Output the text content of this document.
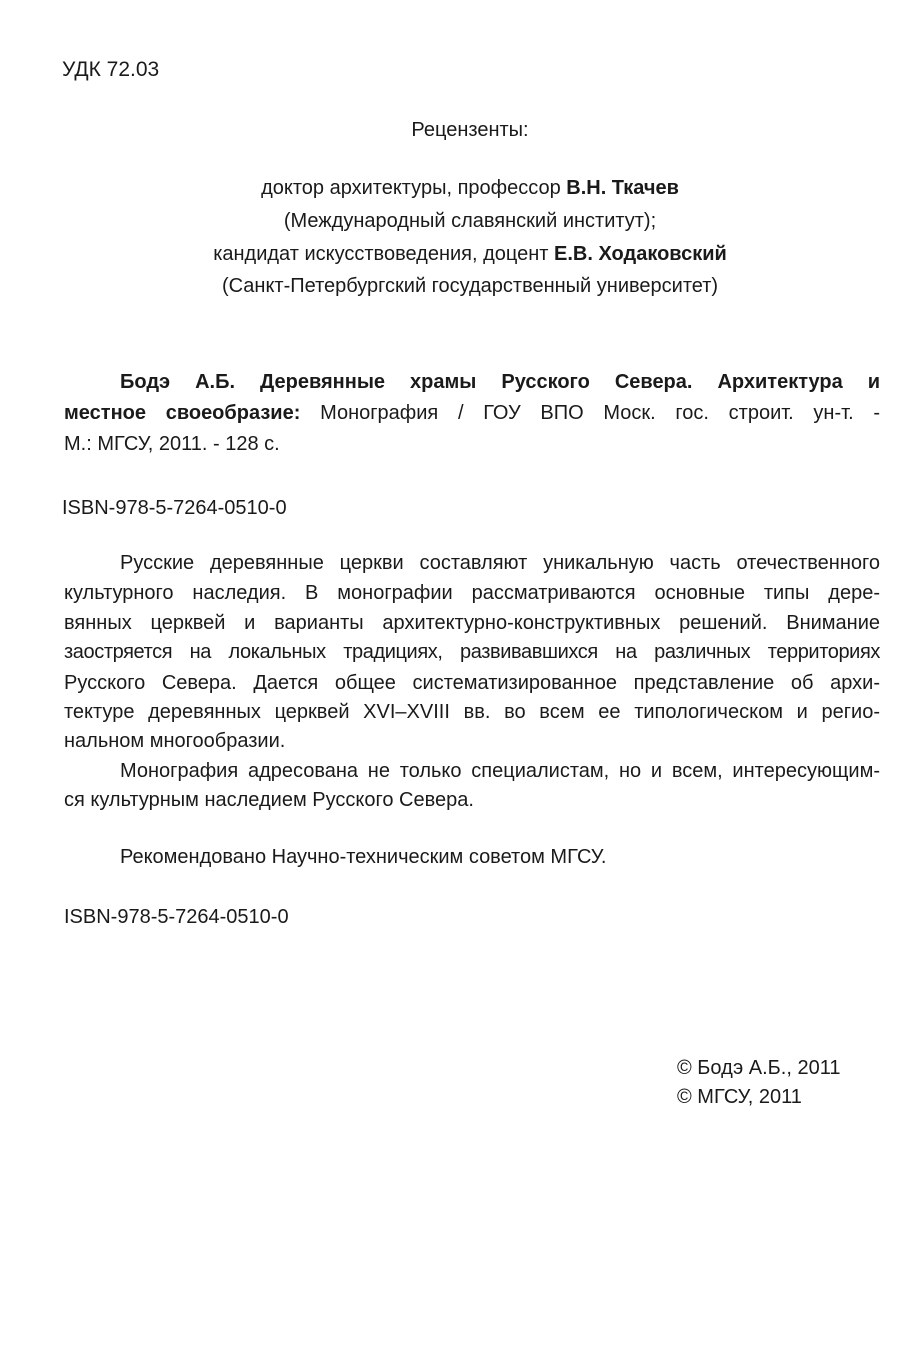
УДК 72.03
Рецензенты:
доктор архитектуры, профессор В.Н. Ткачев
(Международный славянский институт);
кандидат искусствоведения, доцент Е.В. Ходаковский
(Санкт-Петербургский государственный университет)
Бодэ А.Б. Деревянные храмы Русского Севера. Архитектура и
местное своеобразие: Монография / ГОУ ВПО Моск. гос. строит. ун-т. -
М.: МГСУ, 2011. - 128 с.
ISBN-978-5-7264-0510-0
Русские деревянные церкви составляют уникальную часть отечественного
культурного наследия. В монографии рассматриваются основные типы дере-
вянных церквей и варианты архитектурно-конструктивных решений. Внимание
заостряется на локальных традициях, развивавшихся на различных территориях
Русского Севера. Дается общее систематизированное представление об архи-
тектуре деревянных церквей XVI–XVIII вв. во всем ее типологическом и регио-
нальном многообразии.
Монография адресована не только специалистам, но и всем, интересующим-
ся культурным наследием Русского Севера.
Рекомендовано Научно-техническим советом МГСУ.
ISBN-978-5-7264-0510-0
© Бодэ А.Б., 2011
© МГСУ, 2011
